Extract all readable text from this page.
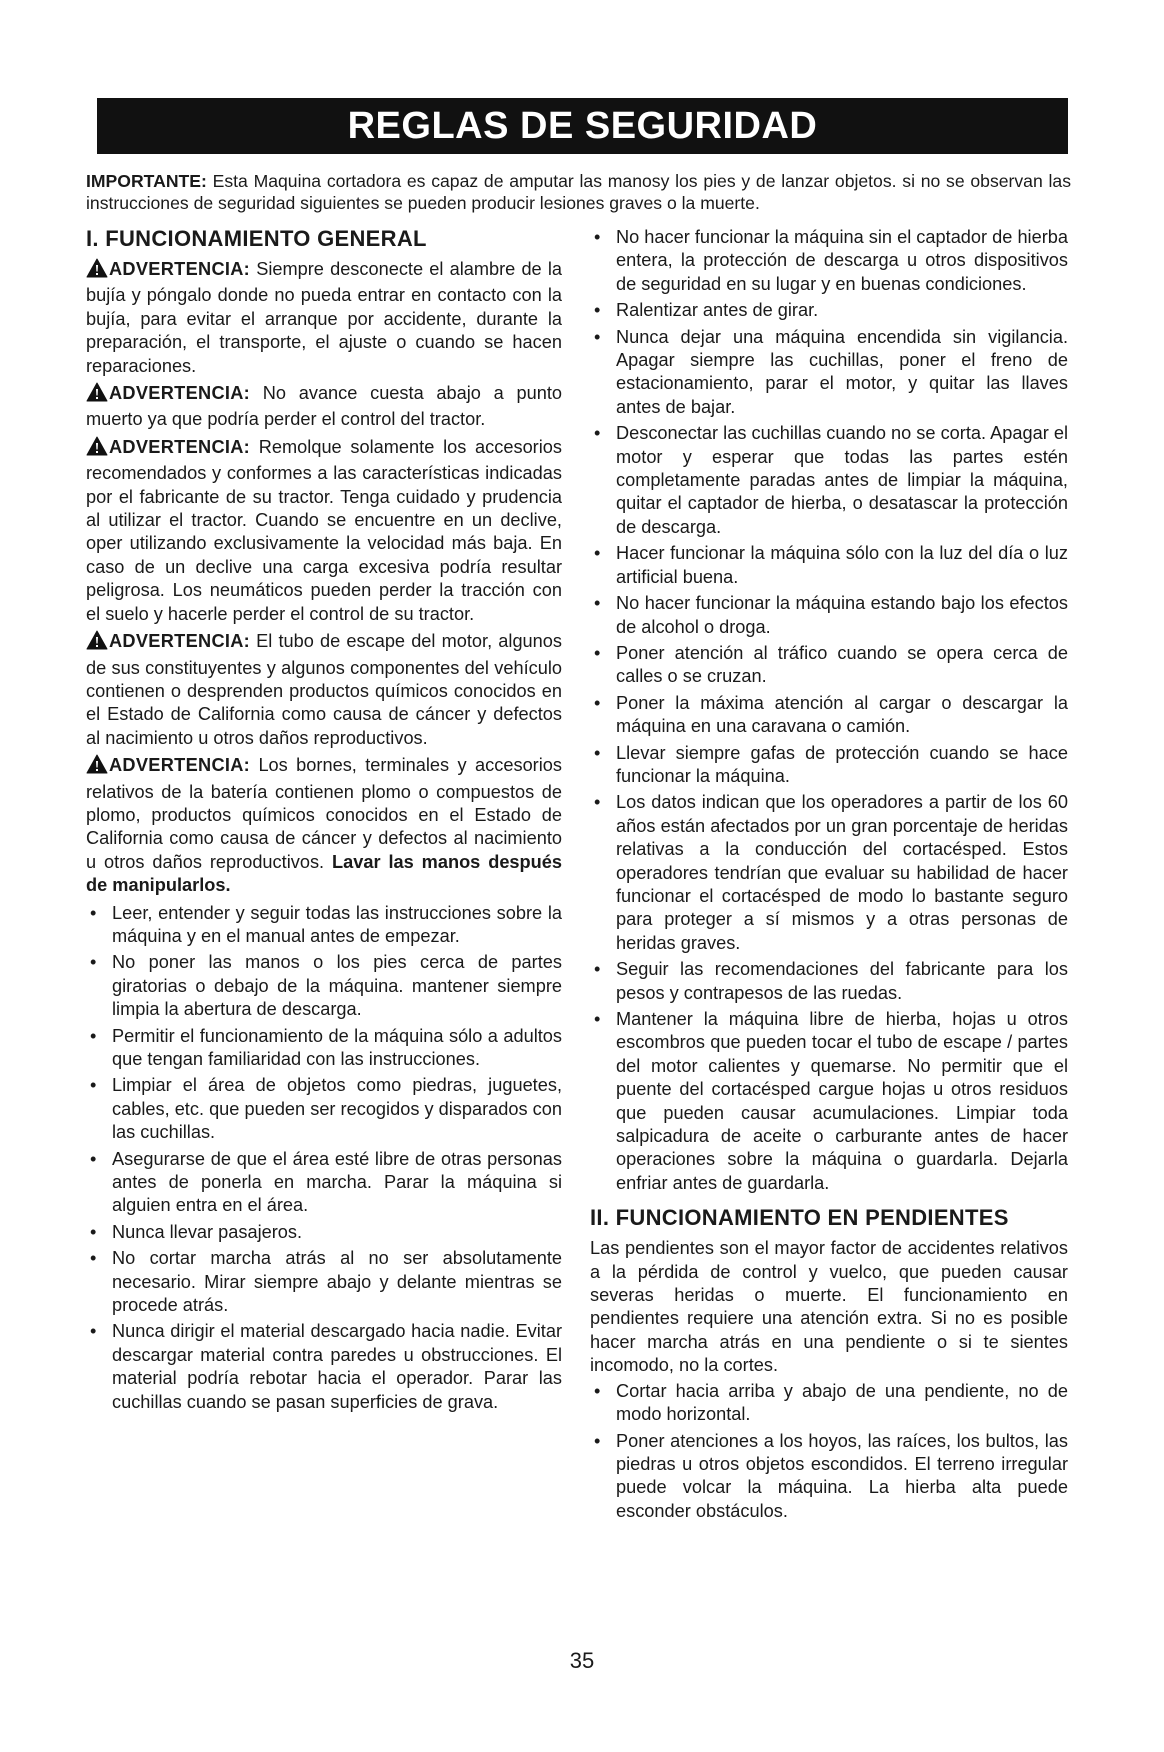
REGLAS DE SEGURIDAD
IMPORTANTE: Esta Maquina cortadora es capaz de amputar las manosy los pies y de lanzar objetos. si no se observan las instrucciones de seguridad siguientes se pueden producir lesiones graves o la muerte.
I. FUNCIONAMIENTO GENERAL

ADVERTENCIA: Siempre desconecte el alambre de la bujía y póngalo donde no pueda entrar en contacto con la bujía, para evitar el arranque por accidente, durante la preparación, el transporte, el ajuste o cuando se hacen reparaciones.

ADVERTENCIA: No avance cuesta abajo a punto muerto ya que podría perder el control del tractor.

ADVERTENCIA: Remolque solamente los accesorios recomendados y conformes a las características indicadas por el fabricante de su tractor. Tenga cuidado y prudencia al utilizar el tractor. Cuando se encuentre en un declive, oper utilizando exclusivamente la velocidad más baja. En caso de un declive una carga excesiva podría resultar peligrosa. Los neumáticos pueden perder la tracción con el suelo y hacerle perder el control de su tractor.

ADVERTENCIA: El tubo de escape del motor, algunos de sus constituyentes y algunos componentes del vehículo contienen o desprenden productos químicos conocidos en el Estado de California como causa de cáncer y defectos al nacimiento u otros daños reproductivos.

ADVERTENCIA: Los bornes, terminales y accesorios relativos de la batería contienen plomo o compuestos de plomo, productos químicos conocidos en el Estado de California como causa de cáncer y defectos al nacimiento u otros daños reproductivos. Lavar las manos después de manipularlos.

• Leer, entender y seguir todas las instrucciones sobre la máquina y en el manual antes de empezar.
• No poner las manos o los pies cerca de partes giratorias o debajo de la máquina. mantener siempre limpia la abertura de descarga.
• Permitir el funcionamiento de la máquina sólo a adultos que tengan familiaridad con las instrucciones.
• Limpiar el área de objetos como piedras, juguetes, cables, etc. que pueden ser recogidos y disparados con las cuchillas.
• Asegurarse de que el área esté libre de otras personas antes de ponerla en marcha. Parar la máquina si alguien entra en el área.
• Nunca llevar pasajeros.
• No cortar marcha atrás al no ser absolutamente necesario. Mirar siempre abajo y delante mientras se procede atrás.
• Nunca dirigir el material descargado hacia nadie. Evitar descargar material contra paredes u obstrucciones. El material podría rebotar hacia el operador. Parar las cuchillas cuando se pasan superficies de grava.
• No hacer funcionar la máquina sin el captador de hierba entera, la protección de descarga u otros dispositivos de seguridad en su lugar y en buenas condiciones.
• Ralentizar antes de girar.
• Nunca dejar una máquina encendida sin vigilancia. Apagar siempre las cuchillas, poner el freno de estacionamiento, parar el motor, y quitar las llaves antes de bajar.
• Desconectar las cuchillas cuando no se corta. Apagar el motor y esperar que todas las partes estén completamente paradas antes de limpiar la máquina, quitar el captador de hierba, o desatascar la protección de descarga.
• Hacer funcionar la máquina sólo con la luz del día o luz artificial buena.
• No hacer funcionar la máquina estando bajo los efectos de alcohol o droga.
• Poner atención al tráfico cuando se opera cerca de calles o se cruzan.
• Poner la máxima atención al cargar o descargar la máquina en una caravana o camión.
• Llevar siempre gafas de protección cuando se hace funcionar la máquina.
• Los datos indican que los operadores a partir de los 60 años están afectados por un gran porcentaje de heridas relativas a la conducción del cortacésped. Estos operadores tendrían que evaluar su habilidad de hacer funcionar el cortacésped de modo lo bastante seguro para proteger a sí mismos y a otras personas de heridas graves.
• Seguir las recomendaciones del fabricante para los pesos y contrapesos de las ruedas.
• Mantener la máquina libre de hierba, hojas u otros escombros que pueden tocar el tubo de escape / partes del motor calientes y quemarse. No permitir que el puente del cortacésped cargue hojas u otros residuos que pueden causar acumulaciones. Limpiar toda salpicadura de aceite o carburante antes de hacer operaciones sobre la máquina o guardarla. Dejarla enfriar antes de guardarla.
II. FUNCIONAMIENTO EN PENDIENTES

Las pendientes son el mayor factor de accidentes relativos a la pérdida de control y vuelco, que pueden causar severas heridas o muerte. El funcionamiento en pendientes requiere una atención extra. Si no es posible hacer marcha atrás en una pendiente o si te sientes incomodo, no la cortes.

• Cortar hacia arriba y abajo de una pendiente, no de modo horizontal.
• Poner atenciones a los hoyos, las raíces, los bultos, las piedras u otros objetos escondidos. El terreno irregular puede volcar la máquina. La hierba alta puede esconder obstáculos.
35
